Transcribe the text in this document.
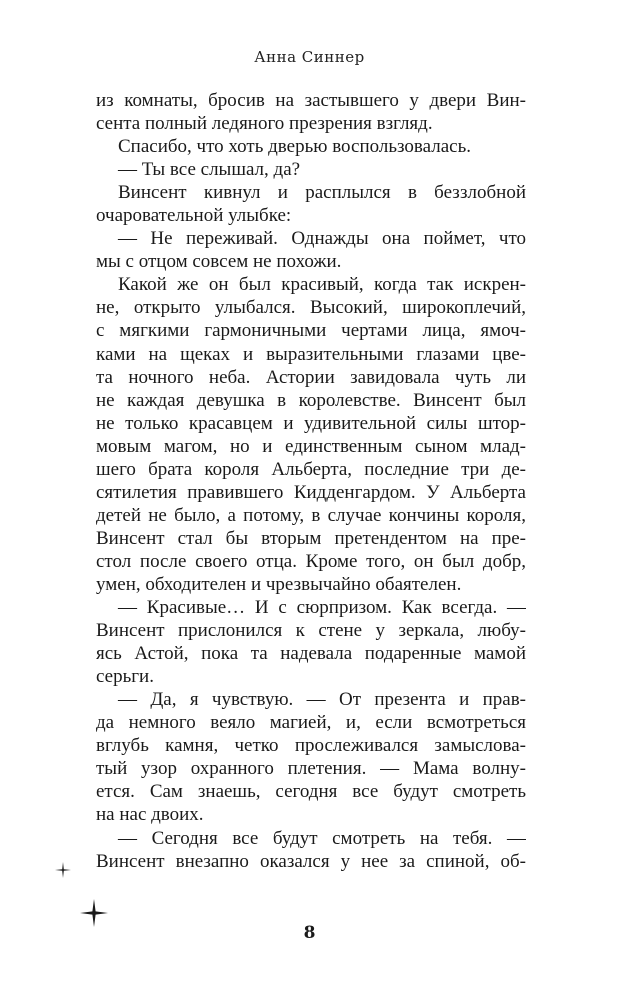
Анна Синнер
из комнаты, бросив на застывшего у двери Вин-
сента полный ледяного презрения взгляд.
Спасибо, что хоть дверью воспользовалась.
— Ты все слышал, да?
Винсент кивнул и расплылся в беззлобной
очаровательной улыбке:
— Не переживай. Однажды она поймет, что
мы с отцом совсем не похожи.
Какой же он был красивый, когда так искрен-
не, открыто улыбался. Высокий, широкоплечий,
с мягкими гармоничными чертами лица, ямоч-
ками на щеках и выразительными глазами цве-
та ночного неба. Астории завидовала чуть ли
не каждая девушка в королевстве. Винсент был
не только красавцем и удивительной силы штор-
мовым магом, но и единственным сыном млад-
шего брата короля Альберта, последние три де-
сятилетия правившего Кидденгардом. У Альберта
детей не было, а потому, в случае кончины короля,
Винсент стал бы вторым претендентом на пре-
стол после своего отца. Кроме того, он был добр,
умен, обходителен и чрезвычайно обаятелен.
— Красивые… И с сюрпризом. Как всегда. —
Винсент прислонился к стене у зеркала, любу-
ясь Астой, пока та надевала подаренные мамой
серьги.
— Да, я чувствую. — От презента и прав-
да немного веяло магией, и, если всмотреться
вглубь камня, четко прослеживался замыслова-
тый узор охранного плетения. — Мама волну-
ется. Сам знаешь, сегодня все будут смотреть
на нас двоих.
— Сегодня все будут смотреть на тебя. —
Винсент внезапно оказался у нее за спиной, об-
8
